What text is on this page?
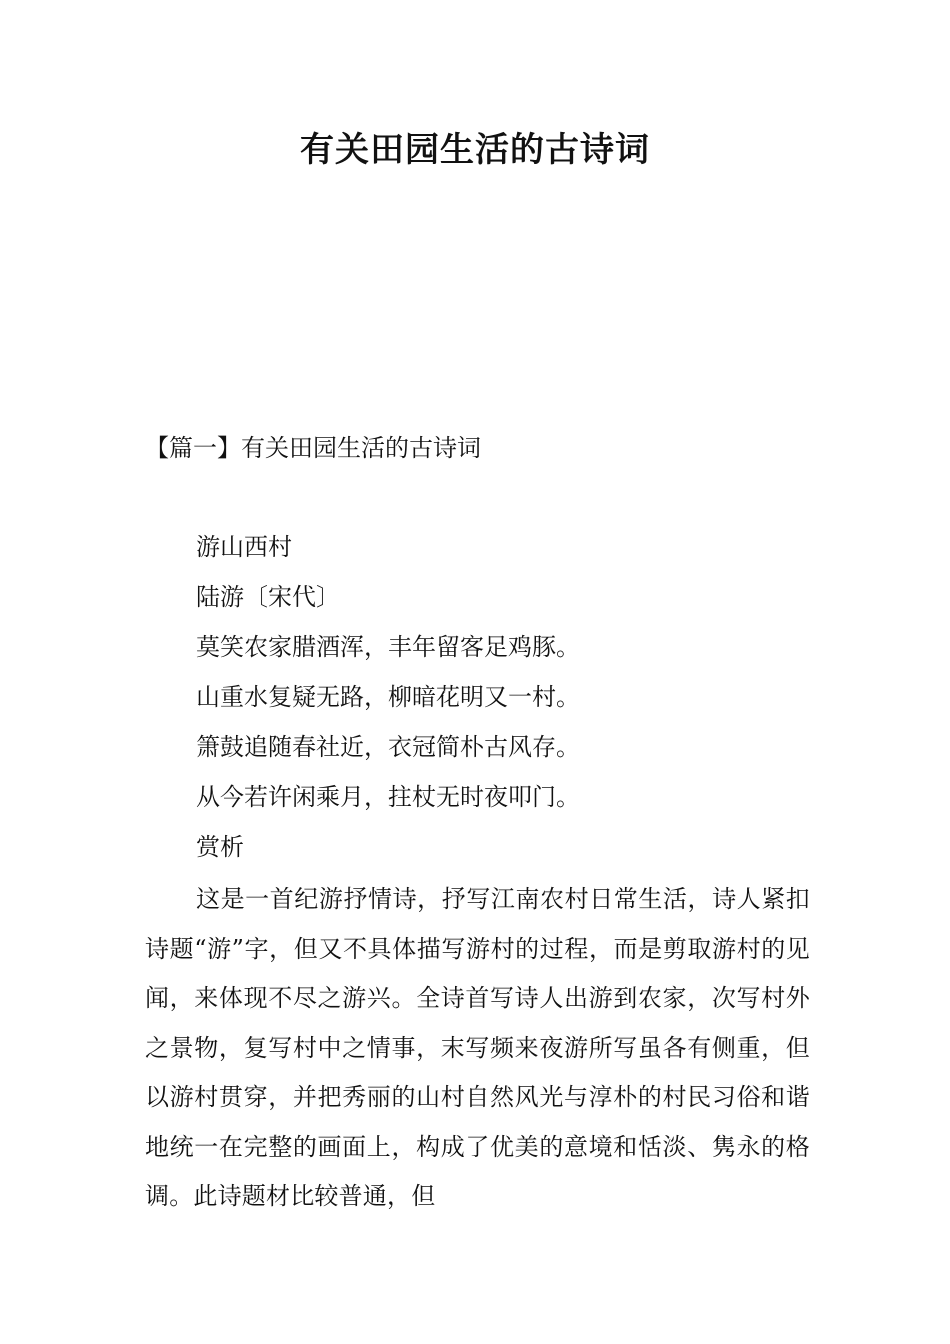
有关田园生活的古诗词
【篇一】有关田园生活的古诗词
游山西村
陆游〔宋代〕
莫笑农家腊酒浑，丰年留客足鸡豚。
山重水复疑无路，柳暗花明又一村。
箫鼓追随春社近，衣冠简朴古风存。
从今若许闲乘月，拄杖无时夜叩门。
赏析

这是一首纪游抒情诗，抒写江南农村日常生活，诗人紧扣诗题“游”字，但又不具体描写游村的过程，而是剪取游村的见闻，来体现不尽之游兴。全诗首写诗人出游到农家，次写村外之景物，复写村中之情事，末写频来夜游所写虽各有侧重，但以游村贯穿，并把秀丽的山村自然风光与淳朴的村民习俗和谐地统一在完整的画面上，构成了优美的意境和恬淡、隽永的格调。此诗题材比较普通，但
